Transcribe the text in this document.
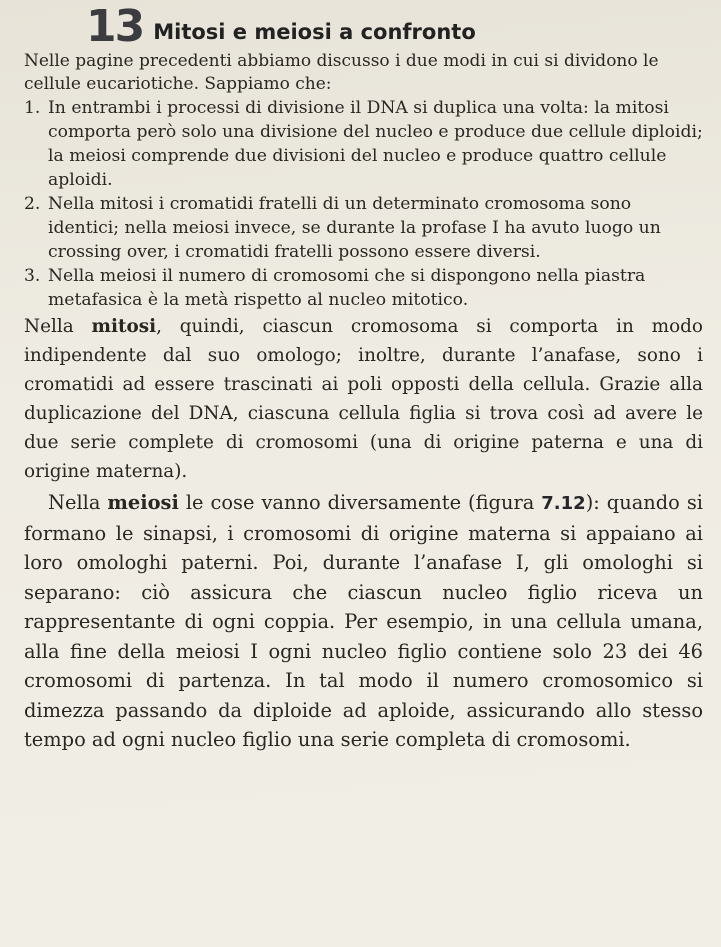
13 Mitosi e meiosi a confronto

Nelle pagine precedenti abbiamo discusso i due modi in cui si dividono le cellule eucariotiche. Sappiamo che:

1. In entrambi i processi di divisione il DNA si duplica una volta: la mitosi comporta però solo una divisione del nucleo e produce due cellule diploidi; la meiosi comprende due divisioni del nucleo e produce quattro cellule aploidi.
2. Nella mitosi i cromatidi fratelli di un determinato cromosoma sono identici; nella meiosi invece, se durante la profase I ha avuto luogo un crossing over, i cromatidi fratelli possono essere diversi.
3. Nella meiosi il numero di cromosomi che si dispongono nella piastra metafasica è la metà rispetto al nucleo mitotico.

Nella mitosi, quindi, ciascun cromosoma si comporta in modo indipendente dal suo omologo; inoltre, durante l’anafase, sono i cromatidi ad essere trascinati ai poli opposti della cellula. Grazie alla duplicazione del DNA, ciascuna cellula figlia si trova così ad avere le due serie complete di cromosomi (una di origine paterna e una di origine materna).

Nella meiosi le cose vanno diversamente (figura 7.12): quando si formano le sinapsi, i cromosomi di origine materna si appaiano ai loro omologhi paterni. Poi, durante l’anafase I, gli omologhi si separano: ciò assicura che ciascun nucleo figlio riceva un rappresentante di ogni coppia. Per esempio, in una cellula umana, alla fine della meiosi I ogni nucleo figlio contiene solo 23 dei 46 cromosomi di partenza. In tal modo il numero cromosomico si dimezza passando da diploide ad aploide, assicurando allo stesso tempo ad ogni nucleo figlio una serie completa di cromosomi.
